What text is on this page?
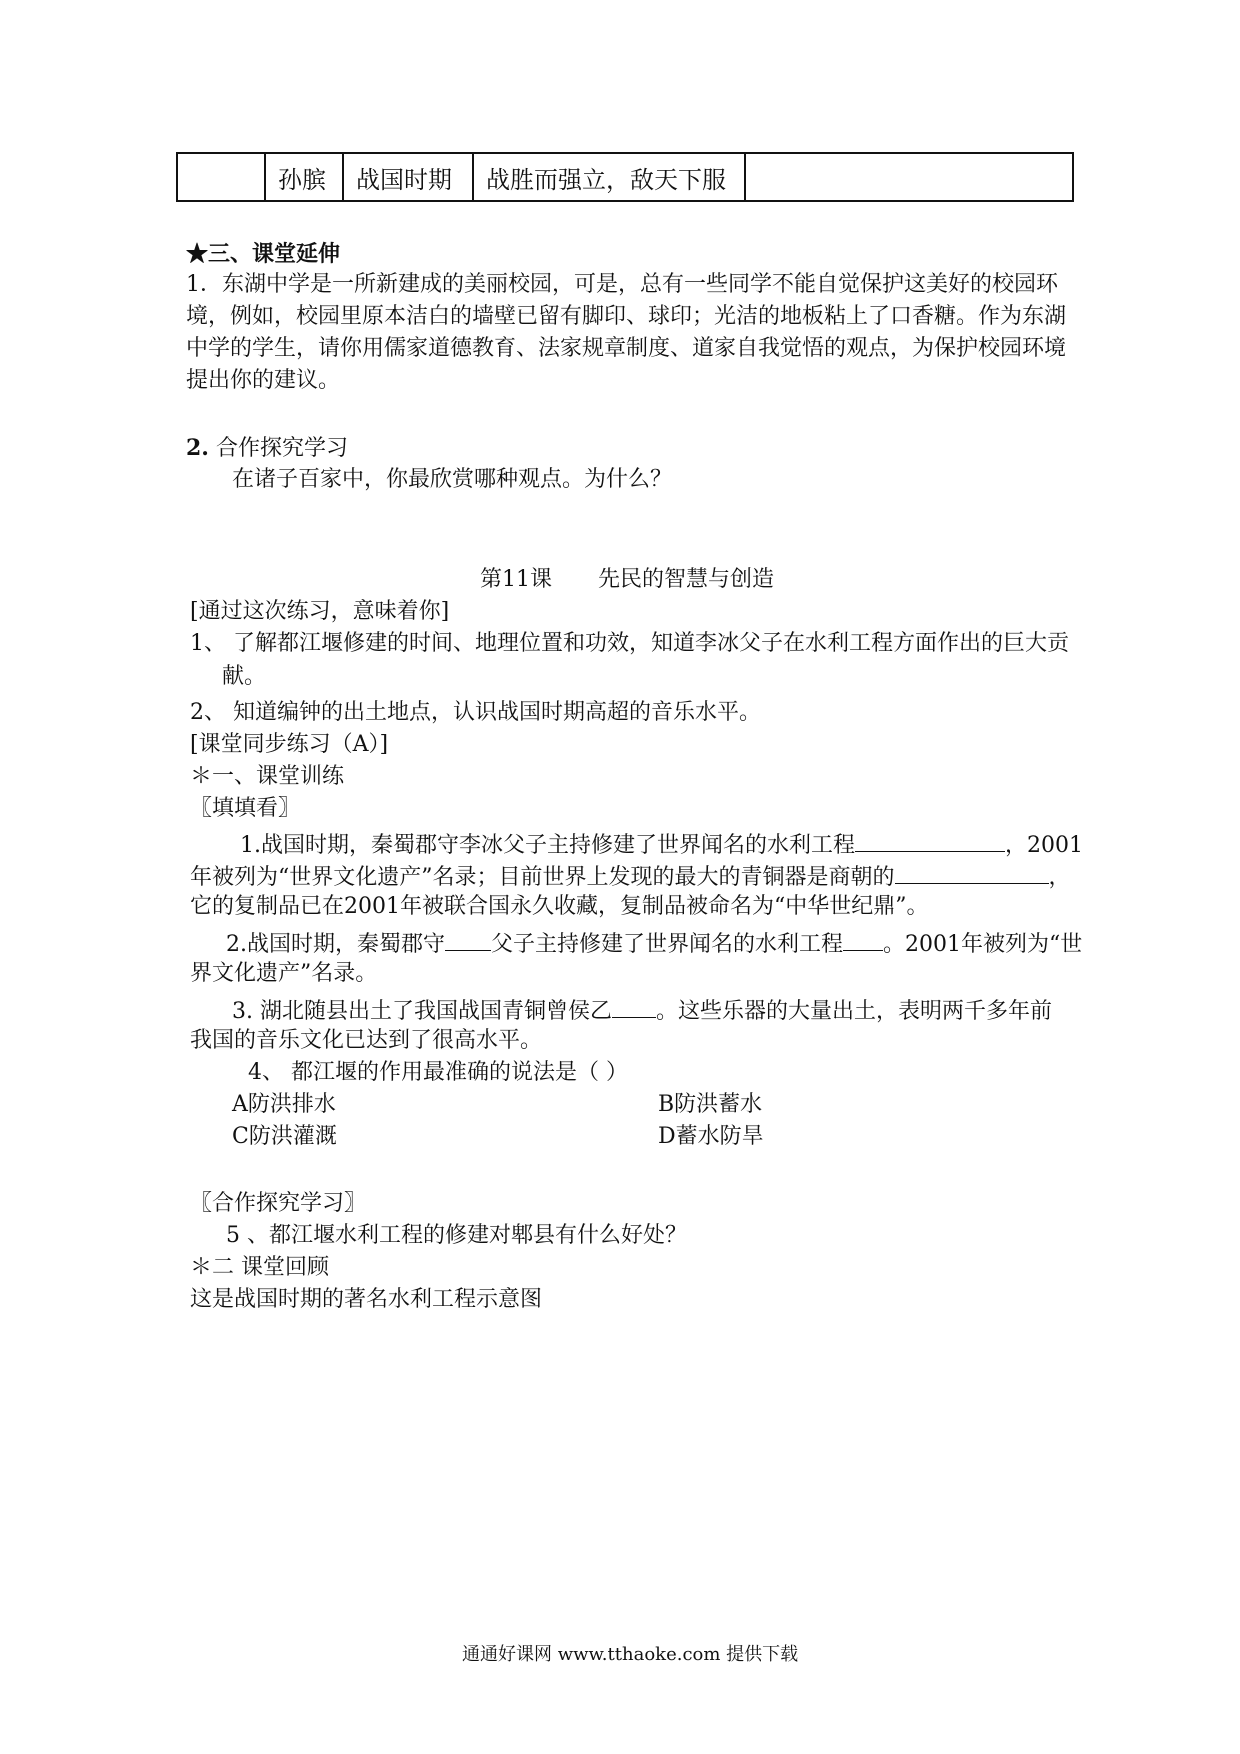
	孙膑	战国时期	战胜而强立，敌天下服	
★三、课堂延伸
1．东湖中学是一所新建成的美丽校园，可是，总有一些同学不能自觉保护这美好的校园环
境，例如，校园里原本洁白的墙壁已留有脚印、球印；光洁的地板粘上了口香糖。作为东湖
中学的学生，请你用儒家道德教育、法家规章制度、道家自我觉悟的观点，为保护校园环境
提出你的建议。
2. 合作探究学习
在诸子百家中，你最欣赏哪种观点。为什么？
第11课 先民的智慧与创造
[通过这次练习，意味着你]
1、 了解都江堰修建的时间、地理位置和功效，知道李冰父子在水利工程方面作出的巨大贡
献。
2、 知道编钟的出土地点，认识战国时期高超的音乐水平。
[课堂同步练习（A）]
＊一、课堂训练
〖填填看〗
1.战国时期，秦蜀郡守李冰父子主持修建了世界闻名的水利工程	，2001
年被列为“世界文化遗产”名录；目前世界上发现的最大的青铜器是商朝的	，
它的复制品已在2001年被联合国永久收藏，复制品被命名为“中华世纪鼎”。
2.战国时期，秦蜀郡守 父子主持修建了世界闻名的水利工程 。2001年被列为“世
界文化遗产”名录。
3. 湖北随县出土了我国战国青铜曾侯乙 。这些乐器的大量出土，表明两千多年前
我国的音乐文化已达到了很高水平。
4、 都江堰的作用最准确的说法是（ ）
A防洪排水	B防洪蓄水
C防洪灌溉	D蓄水防旱
〖合作探究学习〗
5 、都江堰水利工程的修建对郫县有什么好处？
＊二 课堂回顾
这是战国时期的著名水利工程示意图
通通好课网 www.tthaoke.com 提供下载
